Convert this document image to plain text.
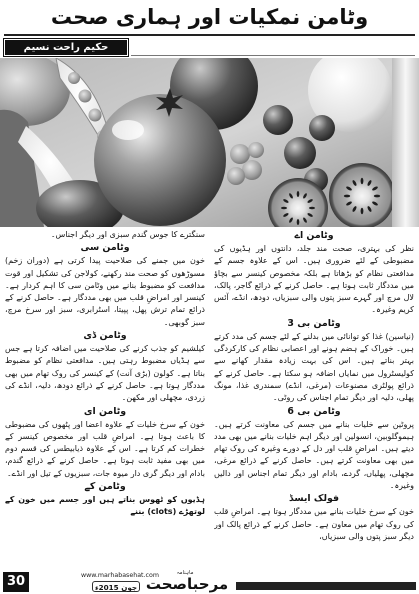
وٹامن نمکیات اور ہماری صحت
حکیم راحت نسیم
وٹامن اے

نظر کی بہتری، صحت مند جلد، دانتوں اور ہڈیوں کی مضبوطی کے لئے ضروری ہیں۔ اس کے علاوہ جسم کے مدافعتی نظام کو بڑھاتا ہے بلکہ مخصوص کینسر سے بچاؤ میں مددگار ثابت ہوتا ہے۔ حاصل کرنے کے ذرائع گاجر، پالک، لال مرچ اور گہرے سبز پتوں والی سبزیاں، دودھ، انڈے، آئس کریم وغیرہ۔

وٹامن بی 3

(نیاسین) غذا کو توانائی میں بدلنے کے لئے جسم کی مدد کرتے ہیں۔ خوراک کے ہضم ہونے اور اعصابی نظام کی کارکردگی بہتر بناتے ہیں۔ اس کی بہت زیادہ مقدار کھانے سے کولیسٹرول میں نمایاں اضافہ ہو سکتا ہے۔ حاصل کرنے کے ذرائع پولٹری مصنوعات (مرغی، انڈے) سمندری غذا، مونگ پھلی، دلیہ اور دیگر تمام اجناس کی روٹی۔

وٹامن بی 6

پروٹین سے خلیات بنانے میں جسم کی معاونت کرتے ہیں۔ ہیموگلوبین، انسولین اور دیگر اہم خلیات بنانے میں بھی مدد دیتے ہیں۔ امراضِ قلب اور دل کے دورے وغیرہ کی روک تھام میں بھی معاونت کرتے ہیں۔ حاصل کرنے کے ذرائع مرغی، مچھلی، پھلیاں، گردے، بادام اور دیگر تمام اجناس اور دالیں وغیرہ۔

فولک ایسڈ

خون کے سرخ خلیات بنانے میں مددگار ہوتا ہے۔ امراضِ قلب کی روک تھام میں معاون ہے۔ حاصل کرنے کے ذرائع پالک اور دیگر سبز پتوں والی سبزیاں،

سنگترے کا جوس گندم سبزی اور دیگر اجناس۔

وٹامن سی

خون میں جمنے کی صلاحیت پیدا کرتی ہے (دوران زخم) مسوڑھوں کو صحت مند رکھنے، کولاجن کی تشکیل اور قوت مدافعت کو مضبوط بنانے میں وٹامن سی کا اہم کردار ہے۔ کینسر اور امراضِ قلب میں بھی مددگار ہے۔ حاصل کرنے کے ذرائع تمام ترش پھل، پپیتا، اسٹرابری، سبز اور سرخ مرچ، سبز گوبھی۔

وٹامن ڈی

کیلشیم کو جذب کرنے کی صلاحیت میں اضافہ کرتا ہے جس سے ہڈیاں مضبوط رہتی ہیں۔ مدافعتی نظام کو مضبوط بناتا ہے۔ کولون (بڑی آنت) کے کینسر کی روک تھام میں بھی مددگار ہوتا ہے۔ حاصل کرنے کے ذرائع دودھ، دلیہ، انڈے کی زردی، مچھلی اور مکھن۔

وٹامن ای

خون کے سرخ خلیات کے علاوہ اعضا اور پٹھوں کی مضبوطی کا باعث ہوتا ہے۔ امراضِ قلب اور مخصوص کینسر کے خطرات کم کرتا ہے۔ اس کے علاوہ ذیابیطس کی قسم دوم میں بھی مفید ثابت ہوتا ہے۔ حاصل کرنے کے ذرائع گندم، بادام اور دیگر گری دار میوہ جات، سبزیوں کے تیل اور انڈے۔

وٹامن کے

ہڈیوں کو ٹھوس بناتے ہیں اور جسم میں خون کے لوتھڑے (clots) بننے

30	www.marhabasehat.com
جون 2015ء
ماہنامہ
مرحباصحت
